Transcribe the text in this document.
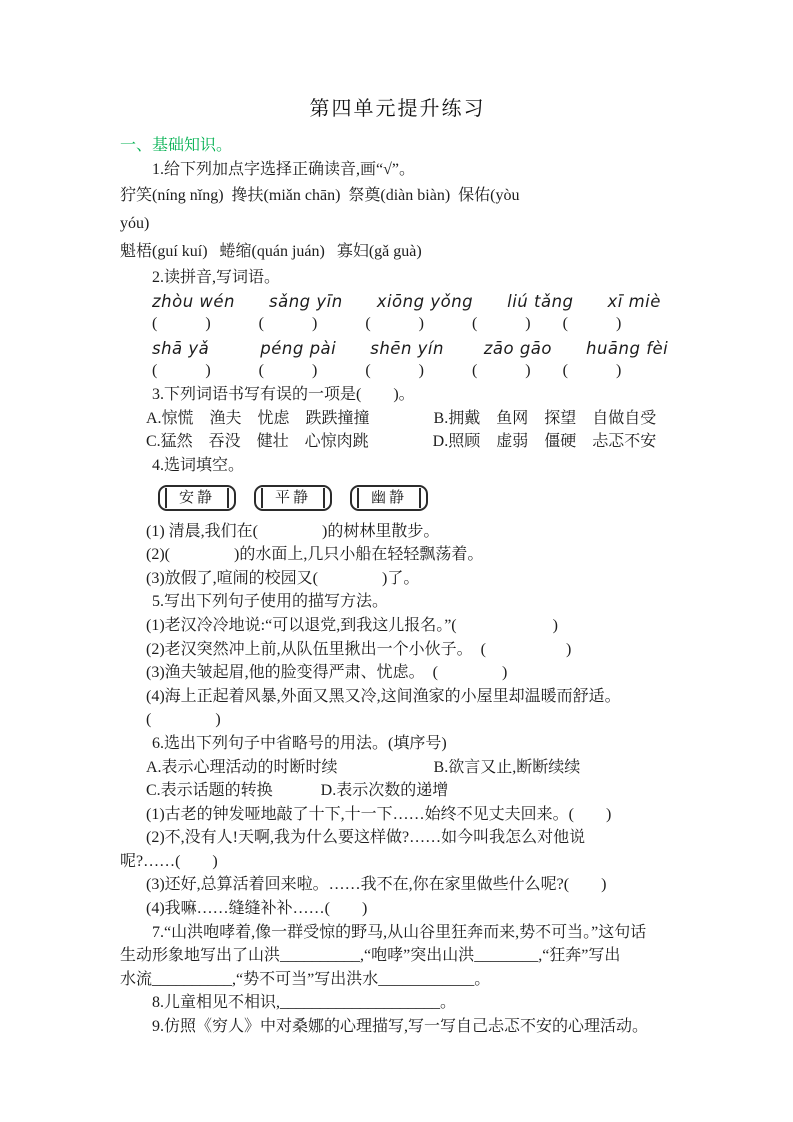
第四单元提升练习
一、基础知识。
1.给下列加点字选择正确读音,画“√”。
狞笑(níng nǐng)  搀扶(miǎn chān)  祭奠(diàn biàn)  保佑(yòu
yóu)
魁梧(guí kuí)   蜷缩(quán juán)   寡妇(gǎ guà)
2.读拼音,写词语。
zhòu wén　　sǎng yīn　　xiōng yǒng　　liú tǎng　　xī miè
(　　　)　　　(　　　)　　　(　　　)　　　(　　　)　　(　　　)
shā yǎ　　　péng pài　　shēn yín　　 zāo gāo　　huāng fèi
(　　　)　　　(　　　)　　　(　　　)　　　(　　　)　　(　　　)
3.下列词语书写有误的一项是(　　)。
A.惊慌　渔夫　忧虑　跌跌撞撞　　　　B.拥戴　鱼网　探望　自做自受
C.猛然　吞没　健壮　心惊肉跳　　　　D.照顾　虚弱　僵硬　忐忑不安
4.选词填空。
安静	平静	幽静
(1) 清晨,我们在(　　　　)的树林里散步。
(2)(　　　　)的水面上,几只小船在轻轻飘荡着。
(3)放假了,喧闹的校园又(　　　　)了。
5.写出下列句子使用的描写方法。
(1)老汉冷冷地说:“可以退党,到我这儿报名。”(　　　　　　)
(2)老汉突然冲上前,从队伍里揪出一个小伙子。　(　　　　　)
(3)渔夫皱起眉,他的脸变得严肃、忧虑。　(　　　　)
(4)海上正起着风暴,外面又黑又冷,这间渔家的小屋里却温暖而舒适。
(　　　　)
6.选出下列句子中省略号的用法。(填序号)
A.表示心理活动的时断时续　　　　　　B.欲言又止,断断续续
C.表示话题的转换　　　D.表示次数的递增
(1)古老的钟发哑地敲了十下,十一下……始终不见丈夫回来。(　　)
(2)不,没有人!天啊,我为什么要这样做?……如今叫我怎么对他说
呢?……(　　)
(3)还好,总算活着回来啦。……我不在,你在家里做些什么呢?(　　)
(4)我嘛……缝缝补补……(　　)
7.“山洪咆哮着,像一群受惊的野马,从山谷里狂奔而来,势不可当。”这句话
生动形象地写出了山洪__________,“咆哮”突出山洪________,“狂奔”写出
水流__________,“势不可当”写出洪水____________。
8.儿童相见不相识,____________________。
9.仿照《穷人》中对桑娜的心理描写,写一写自己忐忑不安的心理活动。
